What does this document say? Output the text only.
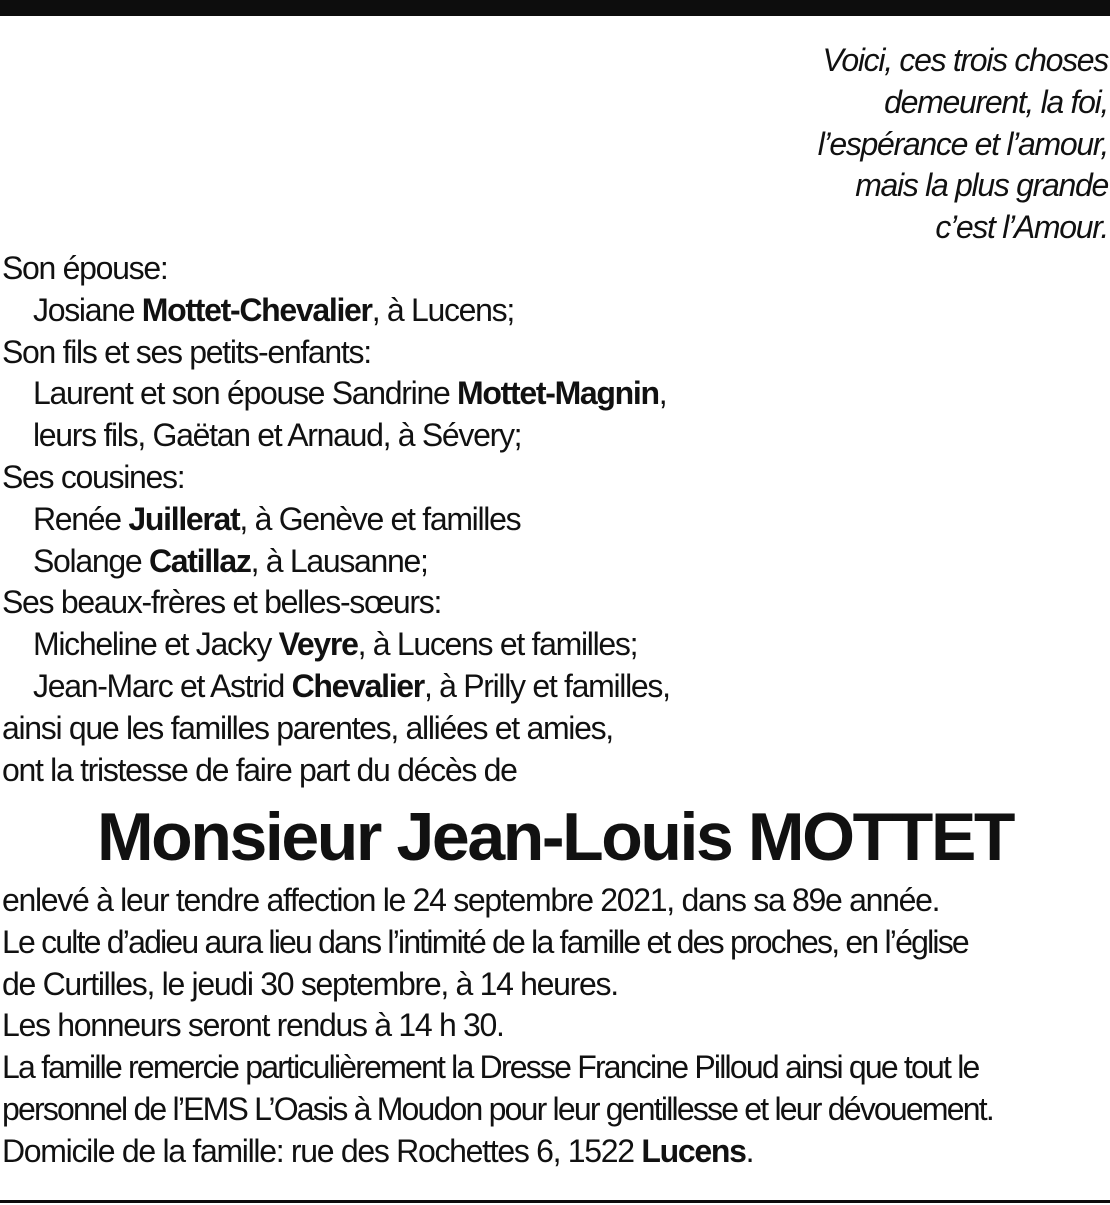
Voici, ces trois choses
demeurent, la foi,
l’espérance et l’amour,
mais la plus grande
c’est l’Amour.
Son épouse:
Josiane Mottet-Chevalier, à Lucens;
Son fils et ses petits-enfants:
Laurent et son épouse Sandrine Mottet-Magnin,
leurs fils, Gaëtan et Arnaud, à Sévery;
Ses cousines:
Renée Juillerat, à Genève et familles
Solange Catillaz, à Lausanne;
Ses beaux-frères et belles-sœurs:
Micheline et Jacky Veyre, à Lucens et familles;
Jean-Marc et Astrid Chevalier, à Prilly et familles,
ainsi que les familles parentes, alliées et amies,
ont la tristesse de faire part du décès de
Monsieur Jean-Louis MOTTET
enlevé à leur tendre affection le 24 septembre 2021, dans sa 89e année.
Le culte d’adieu aura lieu dans l’intimité de la famille et des proches, en l’église
de Curtilles, le jeudi 30 septembre, à 14 heures.
Les honneurs seront rendus à 14 h 30.
La famille remercie particulièrement la Dresse Francine Pilloud ainsi que tout le
personnel de l’EMS L’Oasis à Moudon pour leur gentillesse et leur dévouement.
Domicile de la famille: rue des Rochettes 6, 1522 Lucens.
